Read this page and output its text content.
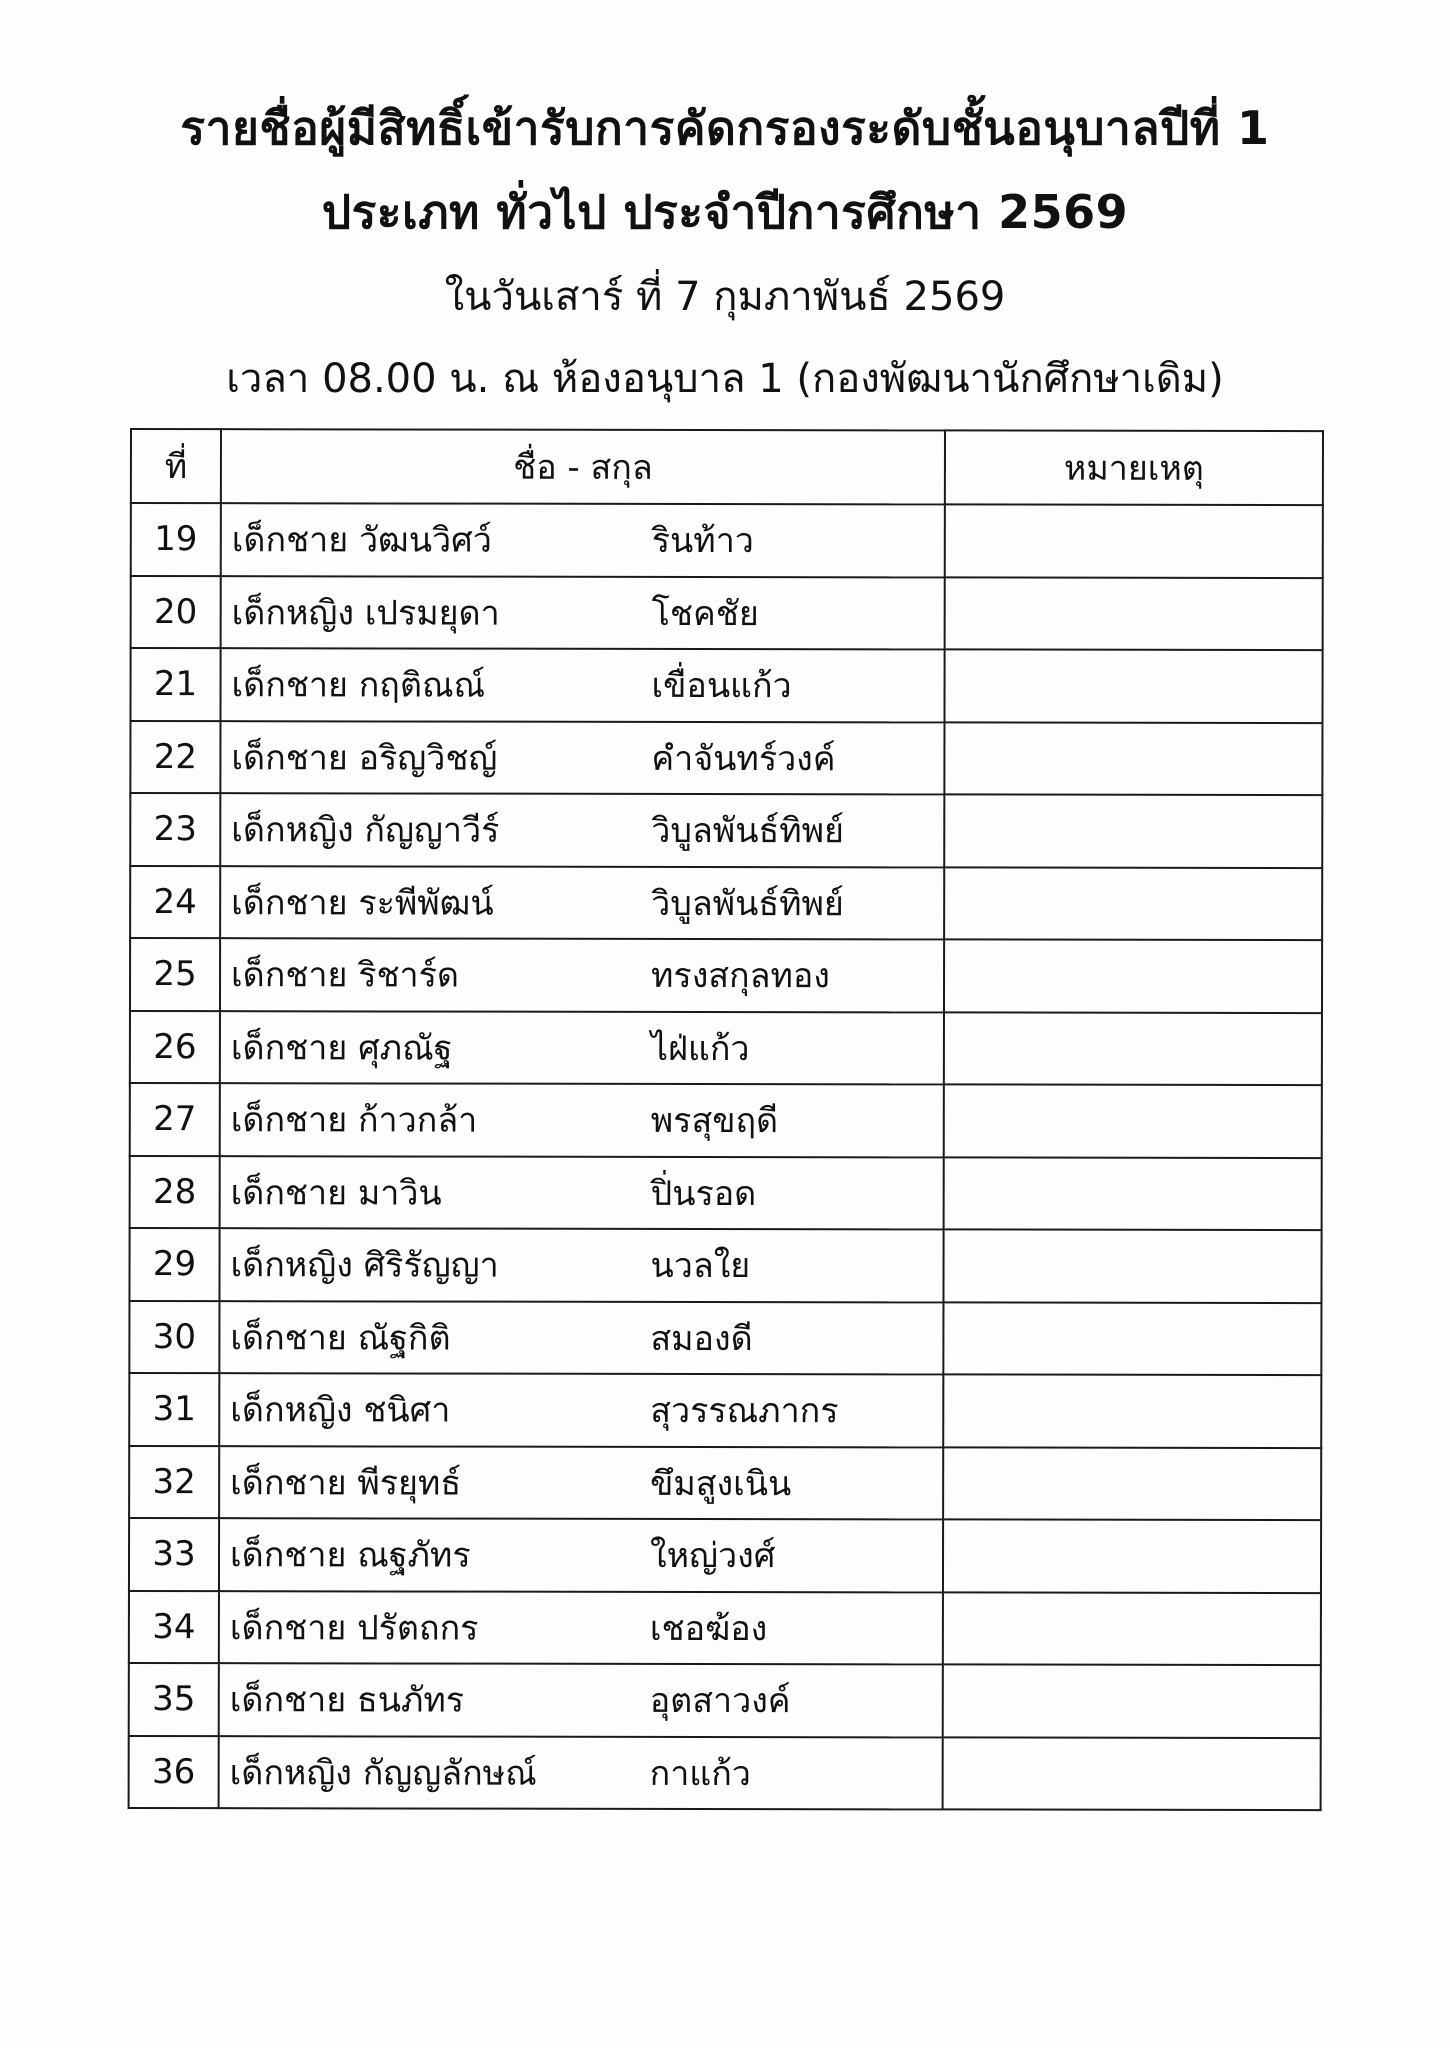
รายชื่อผู้มีสิทธิ์เข้ารับการคัดกรองระดับชั้นอนุบาลปีที่ 1
ประเภท ทั่วไป ประจำปีการศึกษา 2569
ในวันเสาร์ ที่ 7 กุมภาพันธ์ 2569
เวลา 08.00 น. ณ ห้องอนุบาล 1 (กองพัฒนานักศึกษาเดิม)
ที่	ชื่อ - สกุล	หมายเหตุ
19	เด็กชาย วัฒนวิศว์ รินท้าว	

20	เด็กหญิง เปรมยุดา โชคชัย	

21	เด็กชาย กฤติณณ์ เขื่อนแก้ว	

22	เด็กชาย อริญวิชญ์ คำจันทร์วงค์	

23	เด็กหญิง กัญญาวีร์ วิบูลพันธ์ทิพย์	

24	เด็กชาย ระพีพัฒน์ วิบูลพันธ์ทิพย์	

25	เด็กชาย ริชาร์ด ทรงสกุลทอง	

26	เด็กชาย ศุภณัฐ ไฝ่แก้ว	

27	เด็กชาย ก้าวกล้า พรสุขฤดี	

28	เด็กชาย มาวิน ปิ่นรอด	

29	เด็กหญิง ศิริรัญญา นวลใย	

30	เด็กชาย ณัฐกิติ สมองดี	

31	เด็กหญิง ชนิศา สุวรรณภากร	

32	เด็กชาย พีรยุทธ์ ขึมสูงเนิน	

33	เด็กชาย ณฐภัทร ใหญ่วงศ์	

34	เด็กชาย ปรัตถกร เชอฆ้อง	

35	เด็กชาย ธนภัทร อุตสาวงค์	

36	เด็กหญิง กัญญลักษณ์ กาแก้ว	
